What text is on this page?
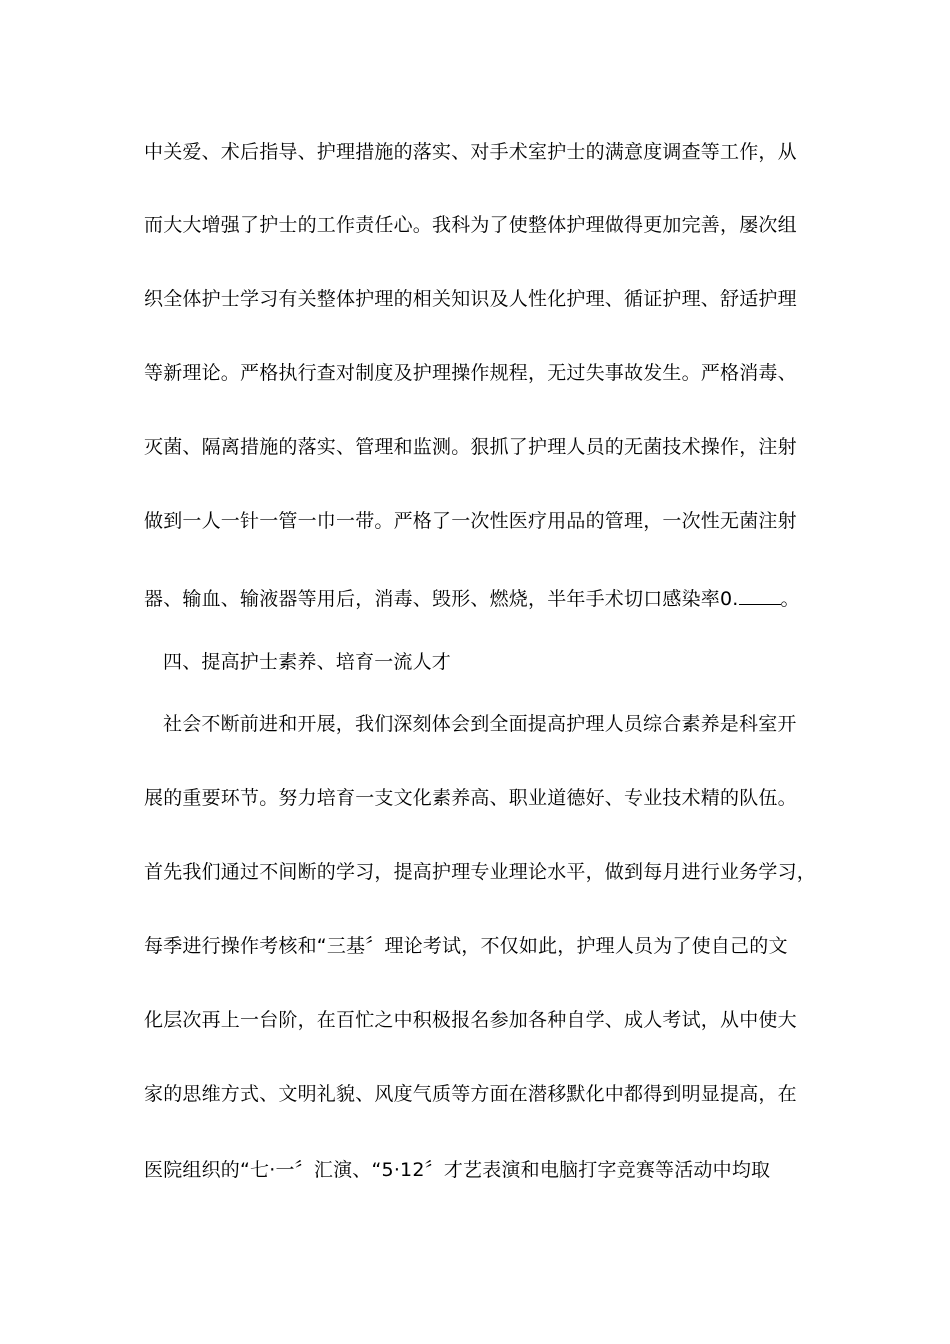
中关爱、术后指导、护理措施的落实、对手术室护士的满意度调查等工作，从
而大大增强了护士的工作责任心。我科为了使整体护理做得更加完善，屡次组
织全体护士学习有关整体护理的相关知识及人性化护理、循证护理、舒适护理
等新理论。严格执行查对制度及护理操作规程，无过失事故发生。严格消毒、
灭菌、隔离措施的落实、管理和监测。狠抓了护理人员的无菌技术操作，注射
做到一人一针一管一巾一带。严格了一次性医疗用品的管理，一次性无菌注射
器、输血、输液器等用后，消毒、毁形、燃烧，半年手术切口感染率0. 。
四、提高护士素养、培育一流人才
社会不断前进和开展，我们深刻体会到全面提高护理人员综合素养是科室开
展的重要环节。努力培育一支文化素养高、职业道德好、专业技术精的队伍。
首先我们通过不间断的学习，提高护理专业理论水平，做到每月进行业务学习，
每季进行操作考核和“三基〞理论考试，不仅如此，护理人员为了使自己的文
化层次再上一台阶，在百忙之中积极报名参加各种自学、成人考试，从中使大
家的思维方式、文明礼貌、风度气质等方面在潜移默化中都得到明显提高，在
医院组织的“七·一〞汇演、“5·12〞才艺表演和电脑打字竞赛等活动中均取
